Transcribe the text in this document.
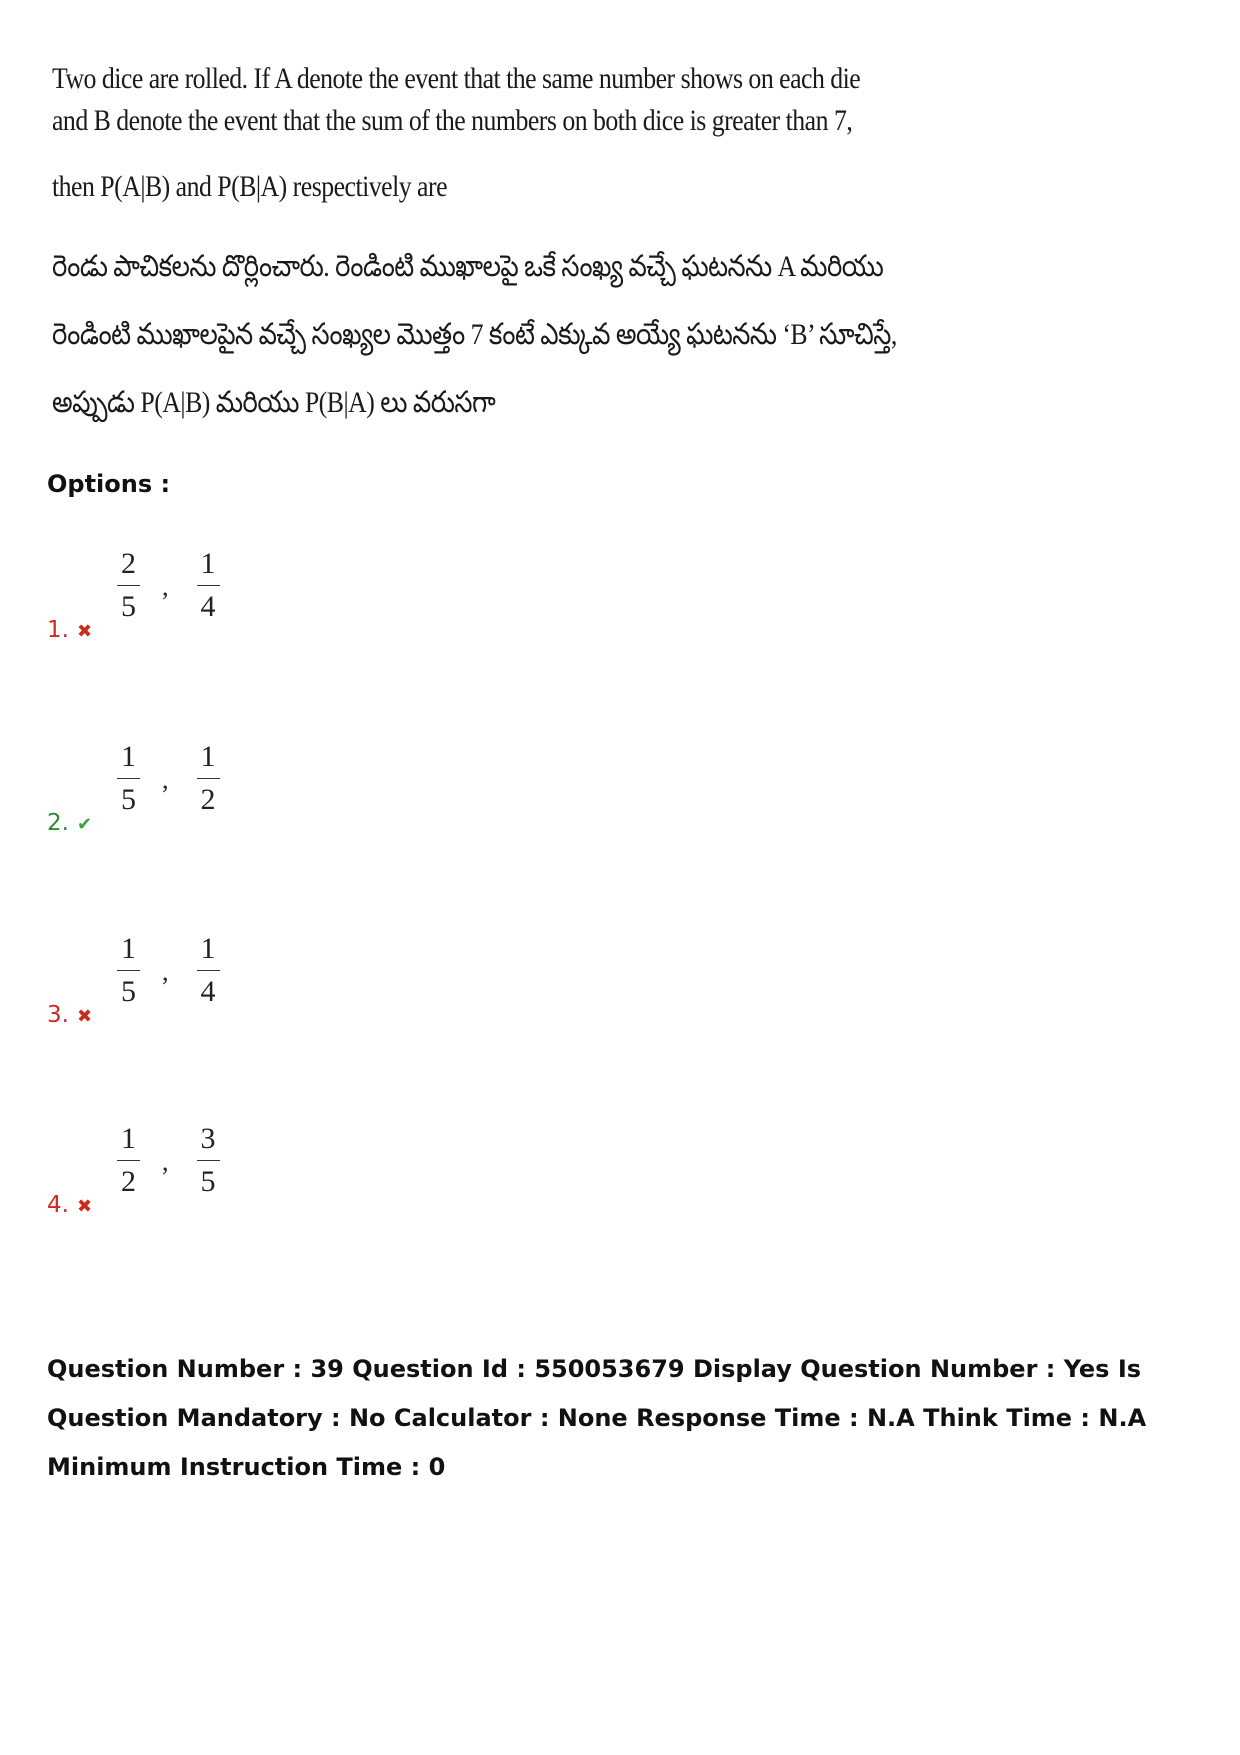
Two dice are rolled. If A denote the event that the same number shows on each die
and B denote the event that the sum of the numbers on both dice is greater than 7,
then P(A|B) and P(B|A) respectively are
రెండు పాచికలను దొర్లించారు. రెండింటి ముఖాలపై ఒకే సంఖ్య వచ్చే ఘటనను A మరియు
రెండింటి ముఖాలపైన వచ్చే సంఖ్యల మొత్తం 7 కంటే ఎక్కువ అయ్యే ఘటనను ‘B’ సూచిస్తే,
అప్పుడు P(A|B) మరియు P(B|A) లు వరుసగా
Options :
$\frac{2}{5}$ , $\frac{1}{4}$
1. ✖
$\frac{1}{5}$ , $\frac{1}{2}$
2. ✔
$\frac{1}{5}$ , $\frac{1}{4}$
3. ✖
$\frac{1}{2}$ , $\frac{3}{5}$
4. ✖
Question Number : 39 Question Id : 550053679 Display Question Number : Yes Is Question Mandatory : No Calculator : None Response Time : N.A Think Time : N.A Minimum Instruction Time : 0
